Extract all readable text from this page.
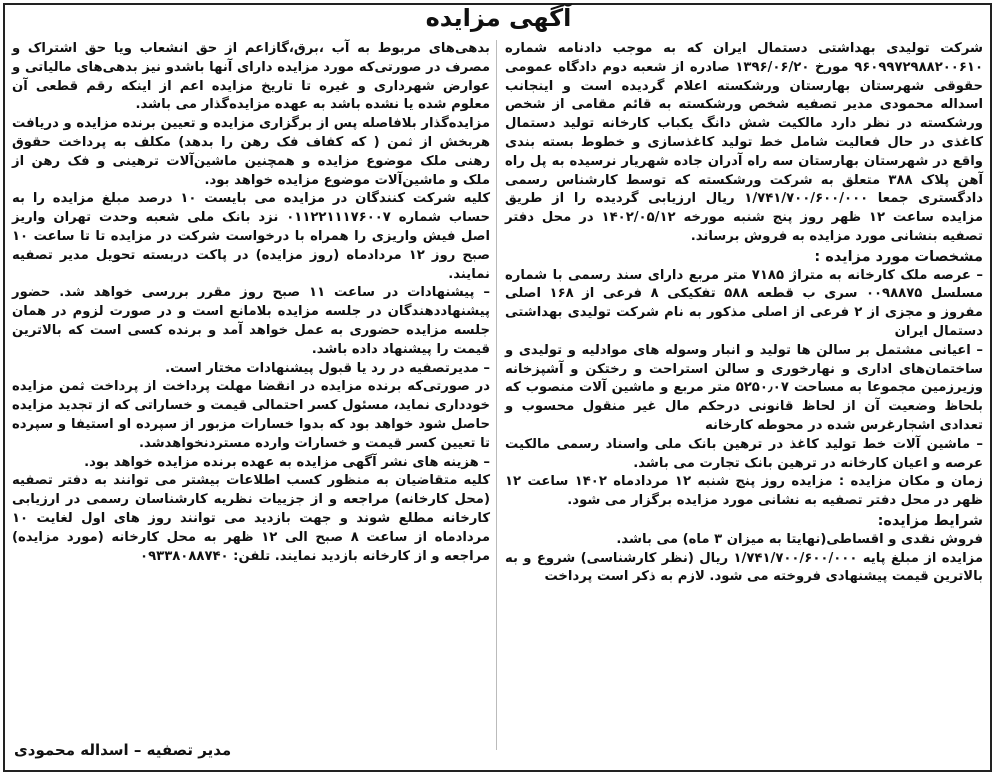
آگهی مزایده

شرکت تولیدی بهداشتی دستمال ایران که به موجب دادنامه شماره ۹۶۰۹۹۷۲۹۸۸۲۰۰۶۱۰ مورخ ۱۳۹۶/۰۶/۲۰ صادره از شعبه دوم دادگاه عمومی حقوقی شهرستان بهارستان ورشکسته اعلام گردیده است و اینجانب اسداله محمودی مدیر تصفیه شخص ورشکسته به قائم مقامی از شخص ورشکسته در نظر دارد مالکیت شش دانگ یکباب کارخانه تولید دستمال کاغذی در حال فعالیت شامل خط تولید کاغذسازی و خطوط بسته بندی واقع در شهرستان بهارستان سه راه آدران جاده شهریار نرسیده به پل راه آهن پلاک ۳۸۸ متعلق به شرکت ورشکسته که توسط کارشناس رسمی دادگستری جمعا ۱/۷۴۱/۷۰۰/۶۰۰/۰۰۰ ریال ارزیابی گردیده را از طریق مزایده ساعت ۱۲ ظهر روز پنج شنبه مورخه ۱۴۰۲/۰۵/۱۲ در محل دفتر تصفیه بنشانی مورد مزایده به فروش برساند.

مشخصات مورد مزایده :

– عرصه ملک کارخانه به متراژ ۷۱۸۵ متر مربع دارای سند رسمی با شماره مسلسل ۰۰۹۸۸۷۵ سری ب قطعه ۵۸۸ تفکیکی ۸ فرعی از ۱۶۸ اصلی مفروز و مجزی از ۲ فرعی از اصلی مذکور به نام شرکت تولیدی بهداشتی دستمال ایران

– اعیانی مشتمل بر سالن ها تولید و انبار وسوله های موادلیه و تولیدی و ساختمان‌های اداری و نهارخوری و سالن استراحت و رختکن و آشپزخانه وزیرزمین مجموعا به مساحت ۵۲۵۰٫۰۷ متر مربع و ماشین آلات منصوب که بلحاظ وضعیت آن از لحاظ قانونی درحکم مال غیر منقول محسوب و تعدادی اشجارغرس شده در محوطه کارخانه

– ماشین آلات خط تولید کاغذ در ترهین بانک ملی واسناد رسمی مالکیت عرصه و اعیان کارخانه در ترهین بانک تجارت می باشد.

زمان و مکان مزایده : مزایده روز پنج شنبه ۱۲ مردادماه ۱۴۰۲ ساعت ۱۲ ظهر در محل دفتر تصفیه به نشانی مورد مزایده برگزار می شود.

شرایط مزایده:

فروش نقدی و اقساطی(نهایتا به میزان ۳ ماه) می باشد.

مزایده از مبلغ پایه ۱/۷۴۱/۷۰۰/۶۰۰/۰۰۰ ریال (نظر کارشناسی) شروع و به بالاترین قیمت پیشنهادی فروخته می شود. لازم به ذکر است پرداخت

بدهی‌های مربوط به آب ،برق،گازاعم از حق انشعاب ویا حق اشتراک و مصرف در صورتی‌که مورد مزایده دارای آنها باشدو نیز بدهی‌های مالیاتی و عوارض شهرداری و غیره تا تاریخ مزایده اعم از اینکه رقم قطعی آن معلوم شده یا نشده باشد به عهده مزایده‌گذار می باشد.

مزایده‌گذار بلافاصله پس از برگزاری مزایده و تعیین برنده مزایده و دریافت هربخش از ثمن ( که کفاف فک رهن را بدهد) مکلف به پرداخت حقوق رهنی ملک موضوع مزایده و همچنین ماشین‌آلات ترهینی و فک رهن از ملک و ماشین‌آلات موضوع مزایده خواهد بود.

کلیه شرکت کنندگان در مزایده می بایست ۱۰ درصد مبلغ مزایده را به حساب شماره ۰۱۱۲۲۱۱۱۷۶۰۰۷ نزد بانک ملی شعبه وحدت تهران واریز اصل فیش واریزی را همراه با درخواست شرکت در مزایده تا تا ساعت ۱۰ صبح روز ۱۲ مردادماه (روز مزایده) در پاکت دربسته تحویل مدیر تصفیه نمایند.

– پیشنهادات در ساعت ۱۱ صبح روز مقرر بررسی خواهد شد. حضور پیشنهاددهندگان در جلسه مزایده بلامانع است و در صورت لزوم در همان جلسه مزایده حضوری به عمل خواهد آمد و برنده کسی است که بالاترین قیمت را پیشنهاد داده باشد.

– مدیرتصفیه در رد یا قبول پیشنهادات مختار است.

در صورتی‌که برنده مزایده در انقضا مهلت پرداخت از پرداخت ثمن مزایده خودداری نماید، مسئول کسر احتمالی قیمت و خساراتی که از تجدید مزایده حاصل شود خواهد بود که بدوا خسارات مزبور از سپرده او استیفا و سپرده تا تعیین کسر قیمت و خسارات وارده مستردنخواهدشد.

– هزینه های نشر آگهی مزایده به عهده برنده مزایده خواهد بود.

کلیه متقاضیان به منظور کسب اطلاعات بیشتر می توانند به دفتر تصفیه (محل کارخانه) مراجعه و از جزییات نظریه کارشناسان رسمی در ارزیابی کارخانه مطلع شوند و جهت بازدید می توانند روز های اول لغایت ۱۰ مردادماه از ساعت ۸ صبح الی ۱۲ ظهر به محل کارخانه (مورد مزایده) مراجعه و از کارخانه بازدید نمایند. تلفن: ۰۹۳۳۸۰۸۸۷۴۰

مدیر تصفیه – اسداله محمودی
